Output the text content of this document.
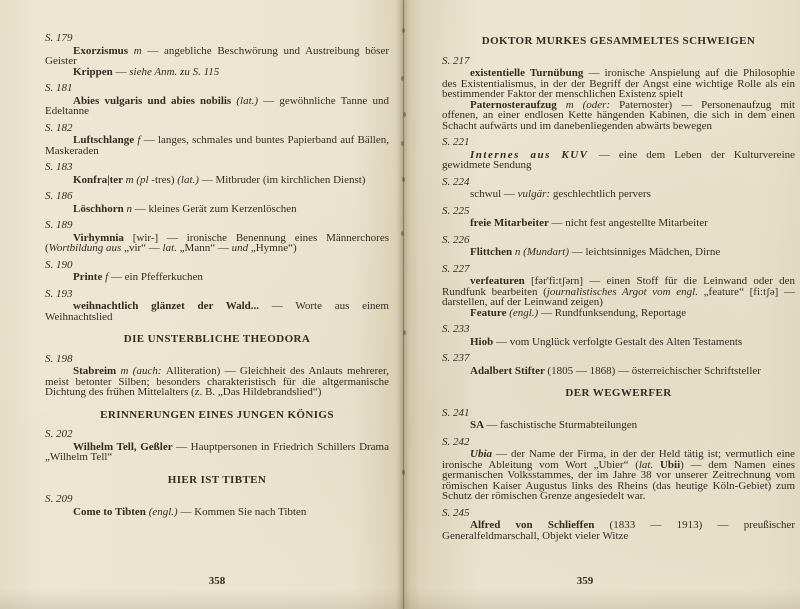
S. 179

Exorzismus m — angebliche Beschwörung und Austreibung böser Geister

Krippen — siehe Anm. zu S. 115

S. 181

Abies vulgaris und abies nobilis (lat.) — gewöhnliche Tanne und Edeltanne

S. 182

Luftschlange f — langes, schmales und buntes Papierband auf Bällen, Maskeraden

S. 183

Konfra|ter m (pl -tres) (lat.) — Mitbruder (im kirchlichen Dienst)

S. 186

Löschhorn n — kleines Gerät zum Kerzenlöschen

S. 189

Virhymnia [wir-] — ironische Benennung eines Männerchores (Wortbildung aus „vir“ — lat. „Mann“ — und „Hymne“)

S. 190

Printe f — ein Pfefferkuchen

S. 193

weihnachtlich glänzet der Wald... — Worte aus einem Weihnachtslied

DIE UNSTERBLICHE THEODORA
S. 198

Stabreim m (auch: Alliteration) — Gleichheit des Anlauts mehrerer, meist betonter Silben; besonders charakteristisch für die altgermanische Dichtung des frühen Mittelalters (z. B. „Das Hildebrandslied“)

ERINNERUNGEN EINES JUNGEN KÖNIGS
S. 202

Wilhelm Tell, Geßler — Hauptpersonen in Friedrich Schillers Drama „Wilhelm Tell“

HIER IST TIBTEN
S. 209

Come to Tibten (engl.) — Kommen Sie nach Tibten

DOKTOR MURKES GESAMMELTES SCHWEIGEN
S. 217

existentielle Turnübung — ironische Anspielung auf die Philosophie des Existentialismus, in der der Begriff der Angst eine wichtige Rolle als ein bestimmender Faktor der menschlichen Existenz spielt

Paternosteraufzug m (oder: Paternoster) — Personenaufzug mit offenen, an einer endlosen Kette hängenden Kabinen, die sich in dem einen Schacht aufwärts und im danebenliegenden abwärts bewegen

S. 221

Internes aus KUV — eine dem Leben der Kulturvereine gewidmete Sendung

S. 224

schwul — vulgär: geschlechtlich pervers

S. 225

freie Mitarbeiter — nicht fest angestellte Mitarbeiter

S. 226

Flittchen n (Mundart) — leichtsinniges Mädchen, Dirne

S. 227

verfeaturen [fər'fi:tʃərn] — einen Stoff für die Leinwand oder den Rundfunk bearbeiten (journalistisches Argot vom engl. „feature“ [fi:tʃə] — darstellen, auf der Leinwand zeigen)

Feature (engl.) — Rundfunksendung, Reportage

S. 233

Hiob — vom Unglück verfolgte Gestalt des Alten Testaments

S. 237

Adalbert Stifter (1805 — 1868) — österreichischer Schriftsteller

DER WEGWERFER
S. 241

SA — faschistische Sturmabteilungen

S. 242

Ubia — der Name der Firma, in der der Held tätig ist; vermutlich eine ironische Ableitung vom Wort „Ubier“ (lat. Ubii) — dem Namen eines germanischen Volksstammes, der im Jahre 38 vor unserer Zeitrechnung vom römischen Kaiser Augustus links des Rheins (das heutige Köln-Gebiet) zum Schutz der römischen Grenze angesiedelt war.

S. 245

Alfred von Schlieffen (1833 — 1913) — preußischer Generalfeldmarschall, Objekt vieler Witze

358	359
